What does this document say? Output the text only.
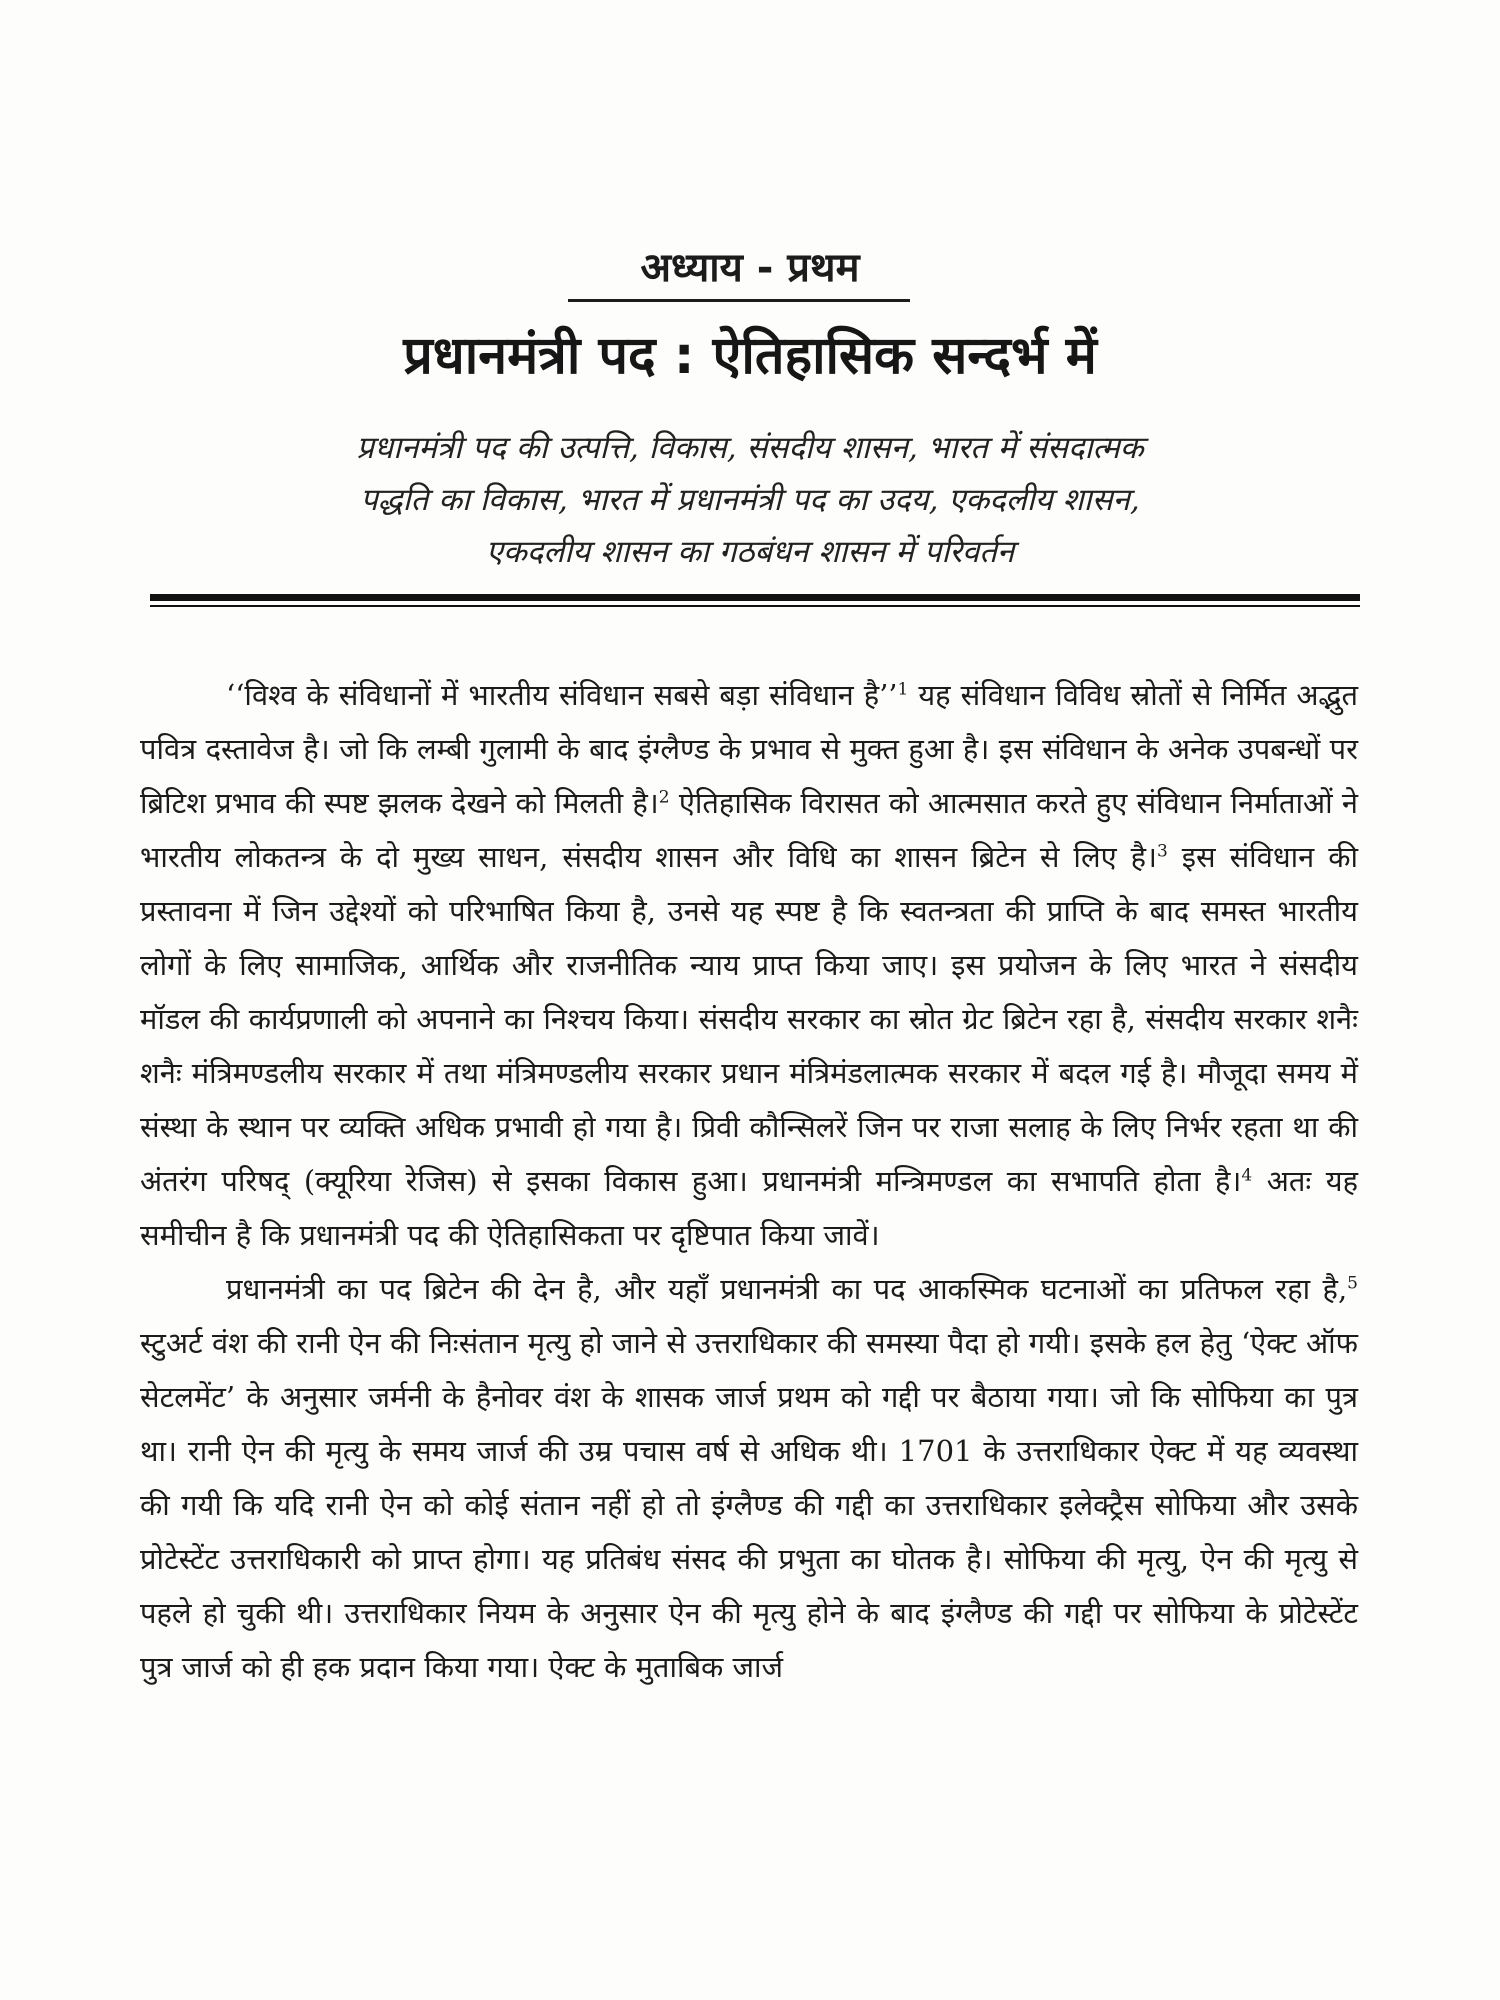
अध्याय - प्रथम
प्रधानमंत्री पद : ऐतिहासिक सन्दर्भ में
प्रधानमंत्री पद की उत्पत्ति, विकास, संसदीय शासन, भारत में संसदात्मक
पद्धति का विकास, भारत में प्रधानमंत्री पद का उदय, एकदलीय शासन,
एकदलीय शासन का गठबंधन शासन में परिवर्तन

‘‘विश्व के संविधानों में भारतीय संविधान सबसे बड़ा संविधान है’’$^1$ यह संविधान विविध स्रोतों से निर्मित अद्भुत पवित्र दस्तावेज है। जो कि लम्बी गुलामी के बाद इंग्लैण्ड के प्रभाव से मुक्त हुआ है। इस संविधान के अनेक उपबन्धों पर ब्रिटिश प्रभाव की स्पष्ट झलक देखने को मिलती है।$^2$ ऐतिहासिक विरासत को आत्मसात करते हुए संविधान निर्माताओं ने भारतीय लोकतन्त्र के दो मुख्य साधन, संसदीय शासन और विधि का शासन ब्रिटेन से लिए है।$^3$ इस संविधान की प्रस्तावना में जिन उद्देश्यों को परिभाषित किया है, उनसे यह स्पष्ट है कि स्वतन्त्रता की प्राप्ति के बाद समस्त भारतीय लोगों के लिए सामाजिक, आर्थिक और राजनीतिक न्याय प्राप्त किया जाए। इस प्रयोजन के लिए भारत ने संसदीय मॉडल की कार्यप्रणाली को अपनाने का निश्चय किया। संसदीय सरकार का स्रोत ग्रेट ब्रिटेन रहा है, संसदीय सरकार शनैः शनैः मंत्रिमण्डलीय सरकार में तथा मंत्रिमण्डलीय सरकार प्रधान मंत्रिमंडलात्मक सरकार में बदल गई है। मौजूदा समय में संस्था के स्थान पर व्यक्ति अधिक प्रभावी हो गया है। प्रिवी कौन्सिलरें जिन पर राजा सलाह के लिए निर्भर रहता था की अंतरंग परिषद् (क्यूरिया रेजिस) से इसका विकास हुआ। प्रधानमंत्री मन्त्रिमण्डल का सभापति होता है।$^4$ अतः यह समीचीन है कि प्रधानमंत्री पद की ऐतिहासिकता पर दृष्टिपात किया जावें।

प्रधानमंत्री का पद ब्रिटेन की देन है, और यहाँ प्रधानमंत्री का पद आकस्मिक घटनाओं का प्रतिफल रहा है,$^5$ स्टुअर्ट वंश की रानी ऐन की निःसंतान मृत्यु हो जाने से उत्तराधिकार की समस्या पैदा हो गयी। इसके हल हेतु ‘ऐक्ट ऑफ सेटलमेंट’ के अनुसार जर्मनी के हैनोवर वंश के शासक जार्ज प्रथम को गद्दी पर बैठाया गया। जो कि सोफिया का पुत्र था। रानी ऐन की मृत्यु के समय जार्ज की उम्र पचास वर्ष से अधिक थी। 1701 के उत्तराधिकार ऐक्ट में यह व्यवस्था की गयी कि यदि रानी ऐन को कोई संतान नहीं हो तो इंग्लैण्ड की गद्दी का उत्तराधिकार इलेक्ट्रैस सोफिया और उसके प्रोटेस्टेंट उत्तराधिकारी को प्राप्त होगा। यह प्रतिबंध संसद की प्रभुता का घोतक है। सोफिया की मृत्यु, ऐन की मृत्यु से पहले हो चुकी थी। उत्तराधिकार नियम के अनुसार ऐन की मृत्यु होने के बाद इंग्लैण्ड की गद्दी पर सोफिया के प्रोटेस्टेंट पुत्र जार्ज को ही हक प्रदान किया गया। ऐक्ट के मुताबिक जार्ज
